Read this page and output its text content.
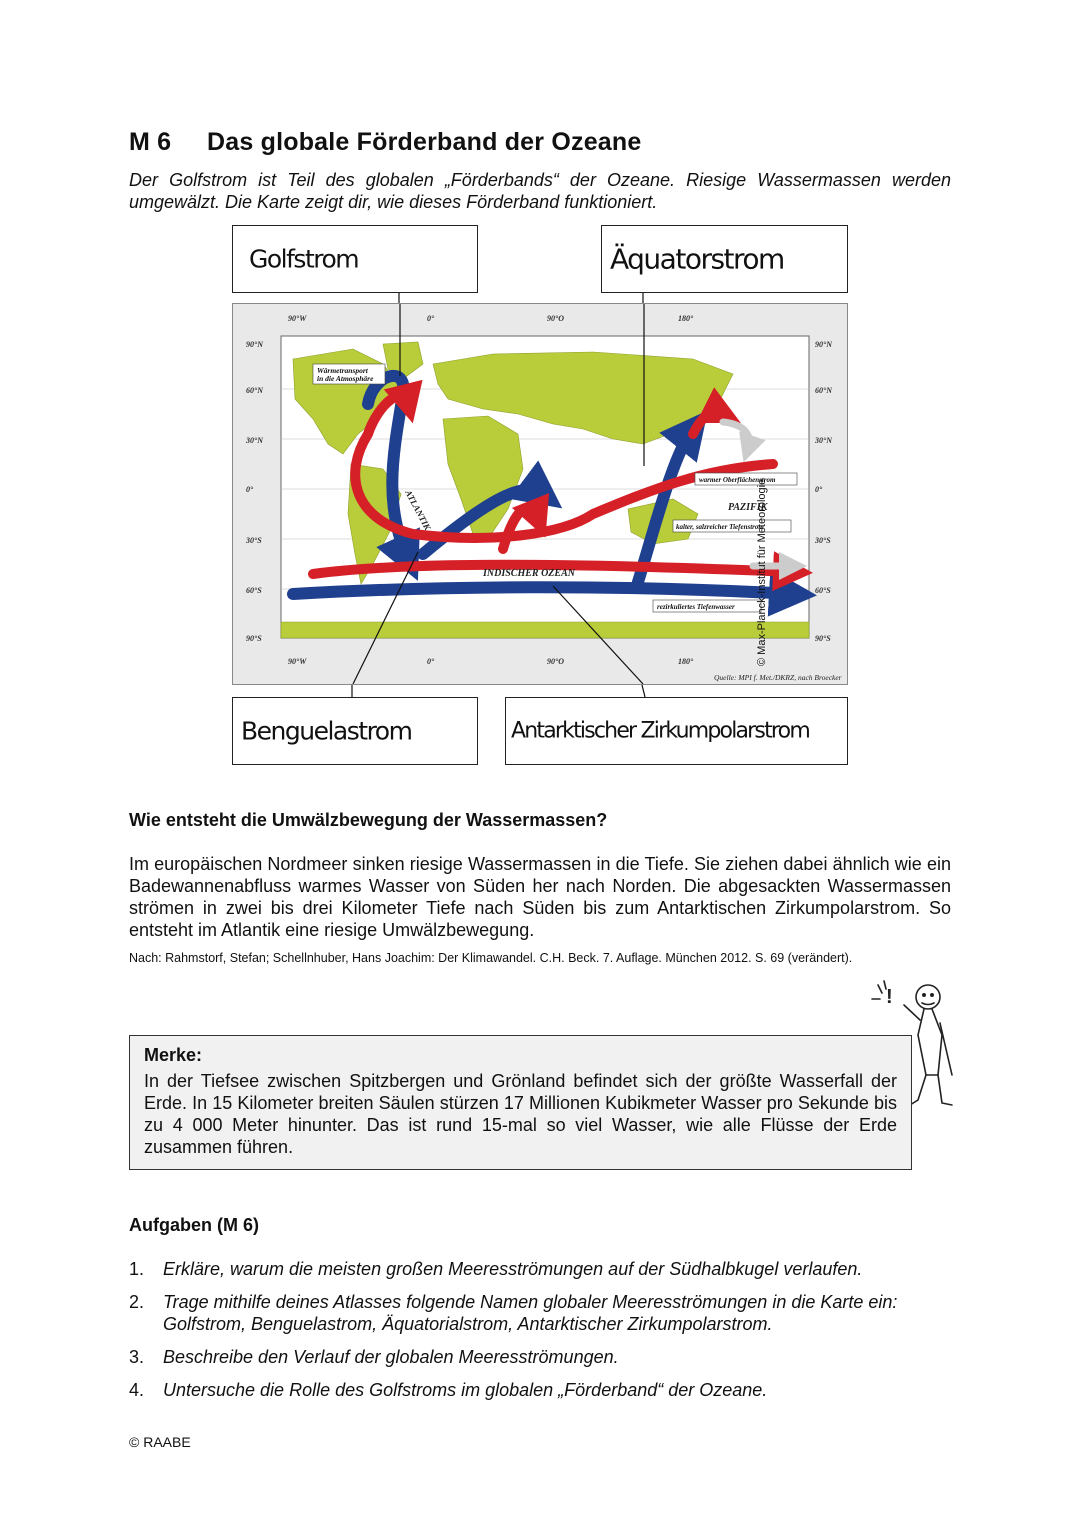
M 6 Das globale Förderband der Ozeane
Der Golfstrom ist Teil des globalen „Förderbands“ der Ozeane. Riesige Wassermassen werden umgewälzt. Die Karte zeigt dir, wie dieses Förderband funktioniert.
Golfstrom	Äquatorstrom
Benguelastrom	Antarktischer Zirkumpolarstrom
Wärmetransport
in die Atmosphäre
ATLANTIK
INDISCHER OZEAN
PAZIFIK
warmer Oberflächenstrom
kalter, salzreicher Tiefenstrom
rezirkuliertes Tiefenwasser © Max-Planck-Institut für Meteorologie
Quelle: MPI f. Met./DKRZ, nach Broecker
90°W	0°	90°O	180°
90°W	0°	90°O	180°
90°N
60°N
30°N
0°
30°S
60°S
90°S
90°N
60°N
30°N
0°
30°S
60°S
90°S
Wie entsteht die Umwälzbewegung der Wassermassen?
Im europäischen Nordmeer sinken riesige Wassermassen in die Tiefe. Sie ziehen dabei ähnlich wie ein Badewannenabfluss warmes Wasser von Süden her nach Norden. Die abgesackten Wassermassen strömen in zwei bis drei Kilometer Tiefe nach Süden bis zum Antarktischen Zirkumpolarstrom. So entsteht im Atlantik eine riesige Umwälzbewegung.
Nach: Rahmstorf, Stefan; Schellnhuber, Hans Joachim: Der Klimawandel. C.H. Beck. 7. Auflage. München 2012. S. 69 (verändert).
!
Merke:
In der Tiefsee zwischen Spitzbergen und Grönland befindet sich der größte Wasserfall der Erde. In 15 Kilometer breiten Säulen stürzen 17 Millionen Kubikmeter Wasser pro Sekunde bis zu 4 000 Meter hinunter. Das ist rund 15-mal so viel Wasser, wie alle Flüsse der Erde zusammen führen.
Aufgaben (M 6)
1. Erkläre, warum die meisten großen Meeresströmungen auf der Südhalbkugel verlaufen.
2. Trage mithilfe deines Atlasses folgende Namen globaler Meeresströmungen in die Karte ein: Golfstrom, Benguelastrom, Äquatorialstrom, Antarktischer Zirkumpolarstrom.
3. Beschreibe den Verlauf der globalen Meeresströmungen.
4. Untersuche die Rolle des Golfstroms im globalen „Förderband“ der Ozeane.
© RAABE
